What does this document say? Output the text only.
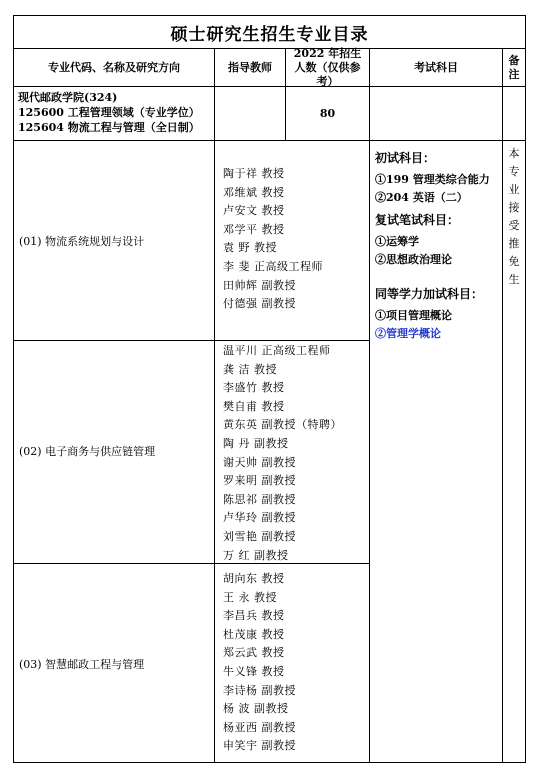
硕士研究生招生专业目录
专业代码、名称及研究方向	指导教师
2022 年招生人数（仅供参考）
考试科目
备注
现代邮政学院(324)
125600 工程管理领域（专业学位）
125604 物流工程与管理（全日制）
80
(01) 物流系统规划与设计
陶于祥 教授
邓维斌 教授
卢安文 教授
邓学平 教授
袁 野 教授
李 斐 正高级工程师
田帅辉 副教授
付德强 副教授
(02) 电子商务与供应链管理
温平川 正高级工程师
龚 洁 教授
李盛竹 教授
樊自甫 教授
黄东英 副教授（特聘）
陶 丹 副教授
谢天帅 副教授
罗来明 副教授
陈思祁 副教授
卢华玲 副教授
刘雪艳 副教授
万 红 副教授
(03) 智慧邮政工程与管理
胡向东 教授
王 永 教授
李昌兵 教授
杜茂康 教授
郑云武 教授
牛义锋 教授
李诗杨 副教授
杨 波 副教授
杨亚西 副教授
申笑宇 副教授
初试科目：
①199 管理类综合能力
②204 英语（二）
复试笔试科目：
①运筹学
②思想政治理论
同等学力加试科目：
①项目管理概论
②管理学概论
本专业接受推免生
